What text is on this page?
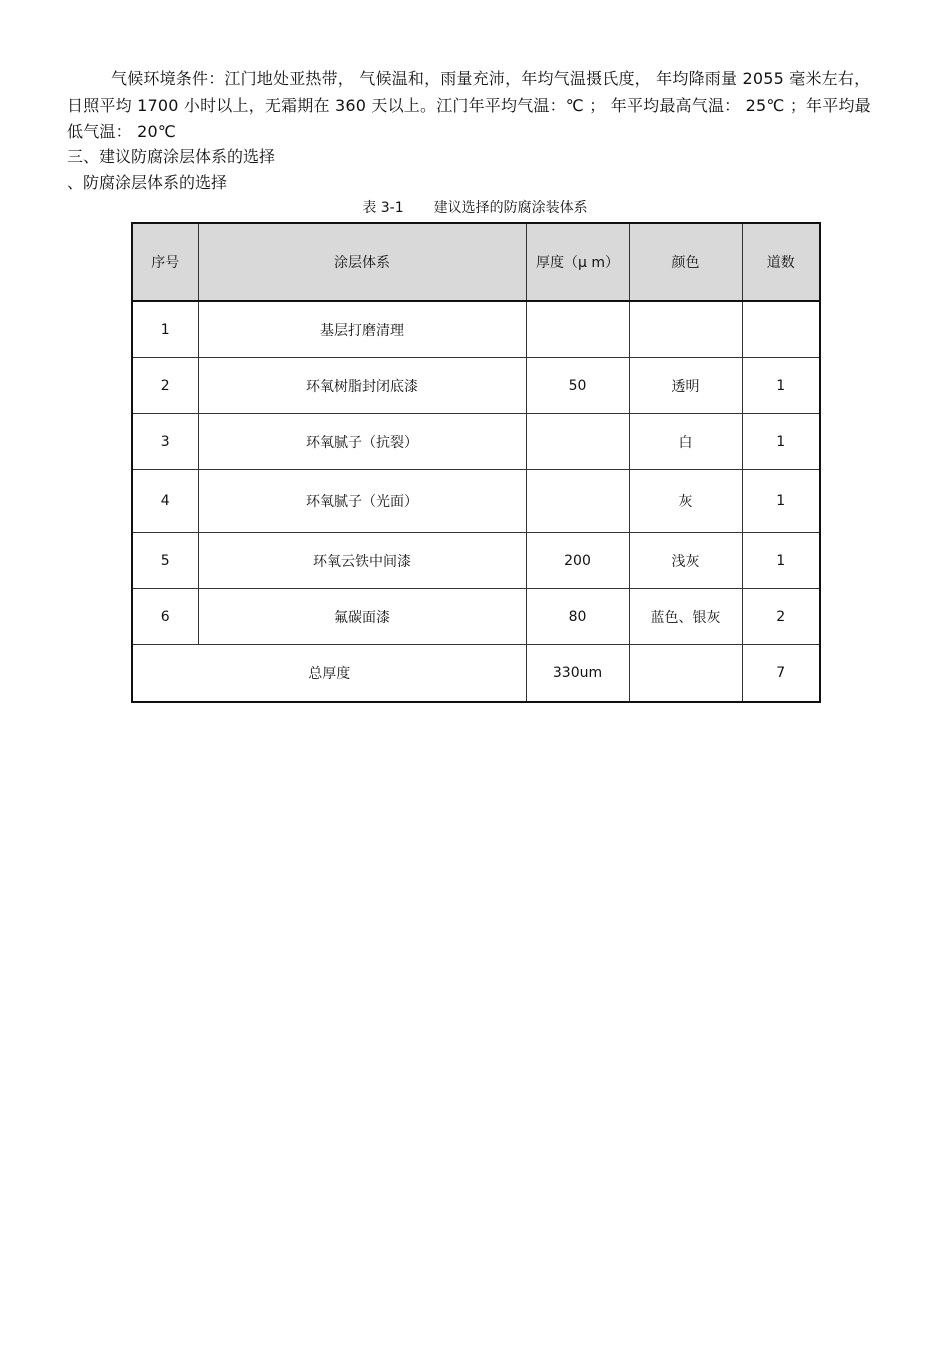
气候环境条件：江门地处亚热带， 气候温和，雨量充沛，年均气温摄氏度， 年均降雨量 2055 毫米左右，日照平均 1700 小时以上，无霜期在 360 天以上。江门年平均气温：℃ ； 年平均最高气温： 25℃ ；年平均最低气温： 20℃

三、建议防腐涂层体系的选择

、防腐涂层体系的选择

表 3-1 建议选择的防腐涂装体系
序号	涂层体系	厚度（μ m）	颜色	道数
1	基层打磨清理			
2	环氧树脂封闭底漆	50	透明	1
3	环氧腻子（抗裂）		白	1
4	环氧腻子（光面）		灰	1
5	环氧云铁中间漆	200	浅灰	1
6	氟碳面漆	80	蓝色、银灰	2
总厚度		330um		7
